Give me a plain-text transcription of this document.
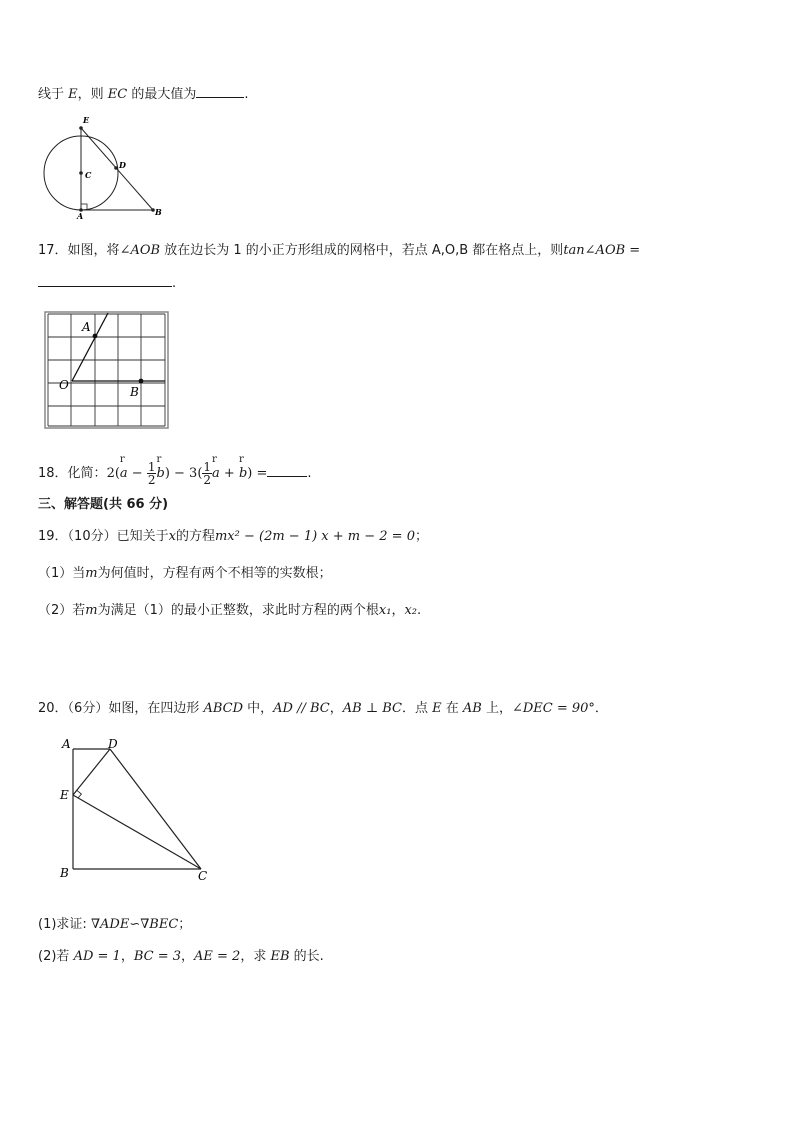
线于 E，则 EC 的最大值为	.
E
D
C
A	B
17．如图，将∠AOB 放在边长为 1 的小正方形组成的网格中，若点 A,O,B 都在格点上，则tan∠AOB =
.
A
O	B
18．化简：2(
r
$a - \frac{1}{2}$
r
$b) - 3( \frac{1}{2}$
r
a +
r
b) =	.
三、解答题(共 66 分)
19．（10分）已知关于x的方程mx² − (2m − 1) x + m − 2 = 0；
（1）当m为何值时，方程有两个不相等的实数根；
（2）若m为满足（1）的最小正整数，求此时方程的两个根x₁，x₂.
20．（6分）如图，在四边形 ABCD 中，AD // BC，AB ⊥ BC．点 E 在 AB 上，∠DEC = 90°．
A	D
E
B	C
(1)求证: ∇ADE∽∇BEC；
(2)若 AD = 1，BC = 3，AE = 2，求 EB 的长.
